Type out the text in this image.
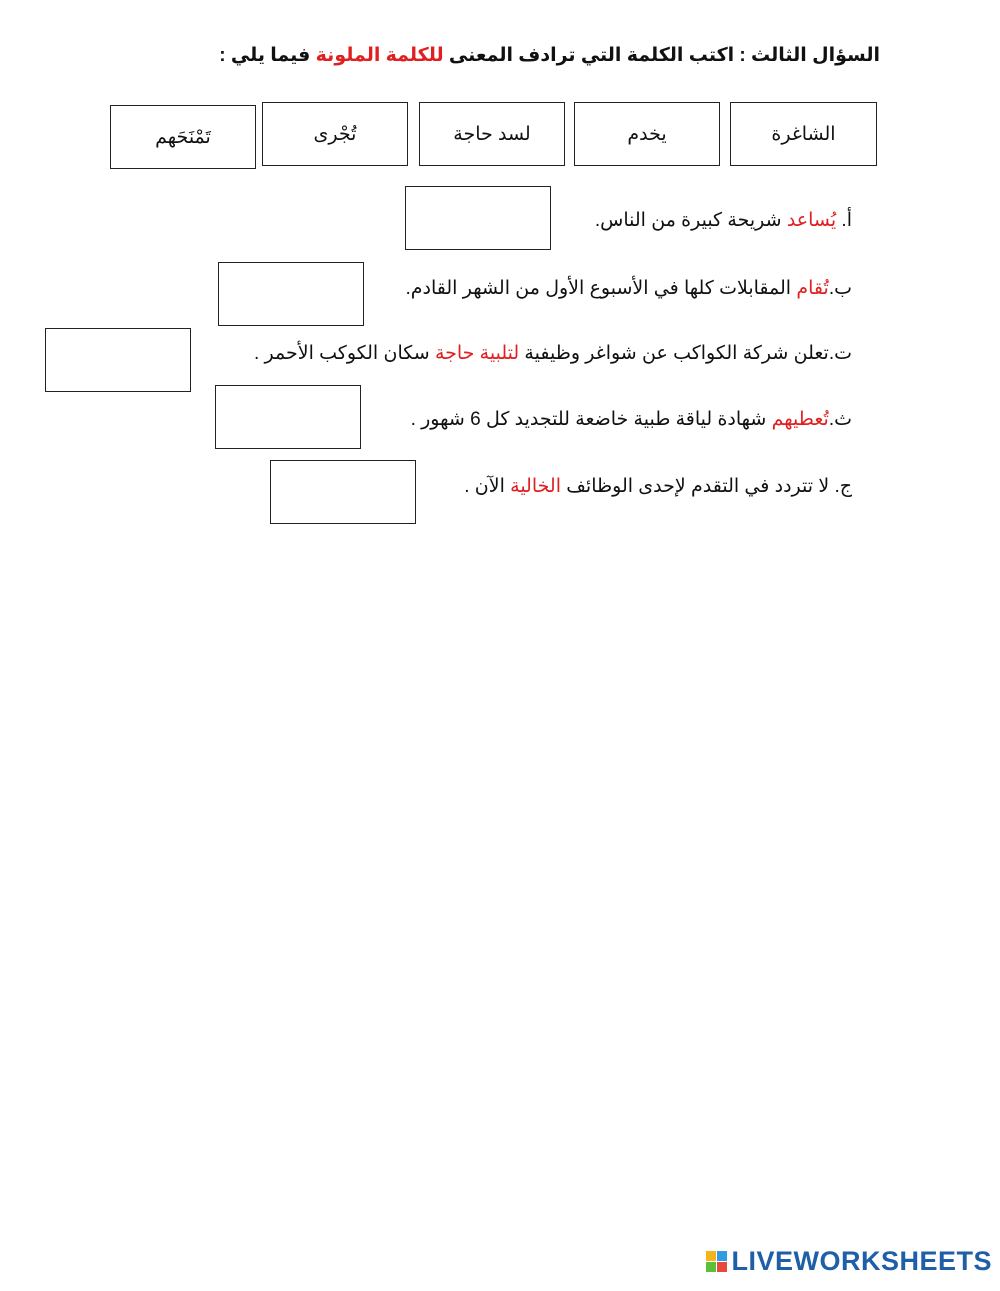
السؤال الثالث : اكتب الكلمة التي ترادف المعنى للكلمة الملونة فيما يلي :
الشاغرة
يخدم
لسد حاجة
تُجْرى
تَمْنَحَهم
أ. يُساعد شريحة كبيرة من الناس.
ب.تُقام المقابلات كلها في الأسبوع الأول من الشهر القادم.
ت.تعلن شركة الكواكب عن شواغر وظيفية لتلبية حاجة سكان الكوكب الأحمر .
ث.تُعطيهم شهادة لياقة طبية خاضعة للتجديد كل 6 شهور .
ج. لا تتردد في التقدم لإحدى الوظائف الخالية الآن .
LIVEWORKSHEETS
